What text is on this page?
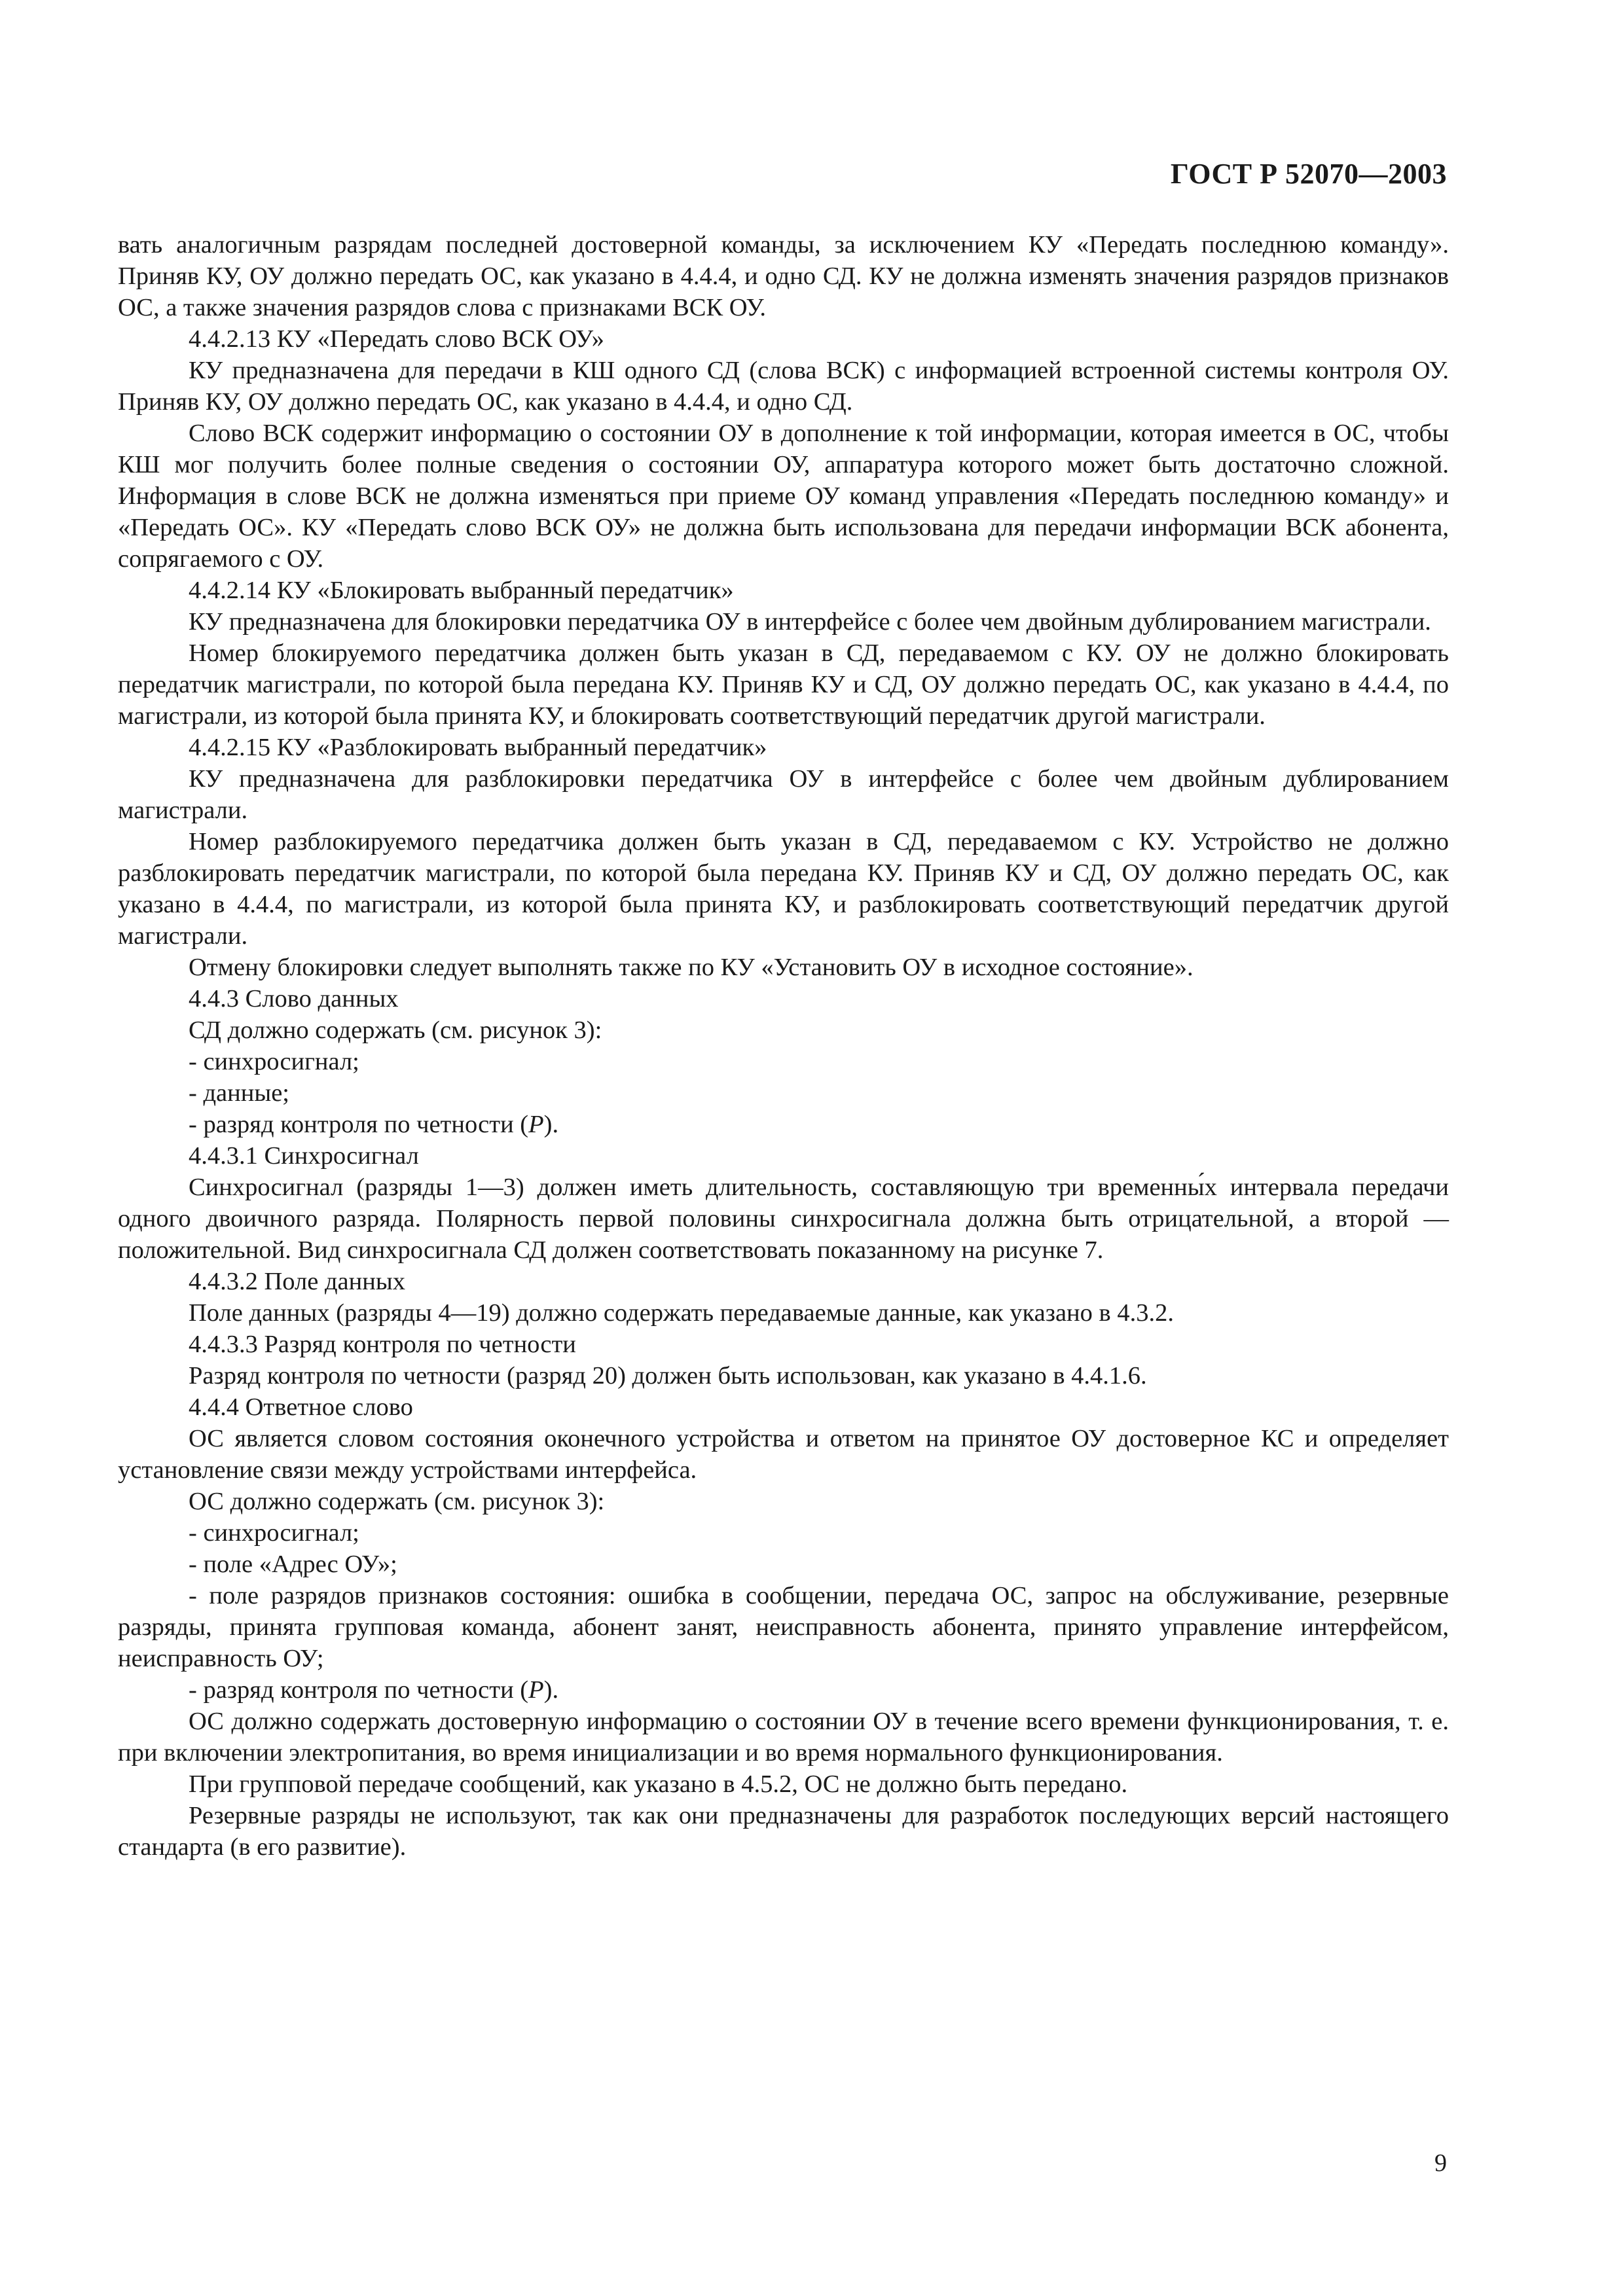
ГОСТ Р 52070—2003

вать аналогичным разрядам последней достоверной команды, за исключением КУ «Передать последнюю команду». Приняв КУ, ОУ должно передать ОС, как указано в 4.4.4, и одно СД. КУ не должна изменять значения разрядов признаков ОС, а также значения разрядов слова с признаками ВСК ОУ.

4.4.2.13 КУ «Передать слово ВСК ОУ»

КУ предназначена для передачи в КШ одного СД (слова ВСК) с информацией встроенной системы контроля ОУ. Приняв КУ, ОУ должно передать ОС, как указано в 4.4.4, и одно СД.

Слово ВСК содержит информацию о состоянии ОУ в дополнение к той информации, которая имеется в ОС, чтобы КШ мог получить более полные сведения о состоянии ОУ, аппаратура которого может быть достаточно сложной. Информация в слове ВСК не должна изменяться при приеме ОУ команд управления «Передать последнюю команду» и «Передать ОС». КУ «Передать слово ВСК ОУ» не должна быть использована для передачи информации ВСК абонента, сопрягаемого с ОУ.

4.4.2.14 КУ «Блокировать выбранный передатчик»

КУ предназначена для блокировки передатчика ОУ в интерфейсе с более чем двойным дублированием магистрали.

Номер блокируемого передатчика должен быть указан в СД, передаваемом с КУ. ОУ не должно блокировать передатчик магистрали, по которой была передана КУ. Приняв КУ и СД, ОУ должно передать ОС, как указано в 4.4.4, по магистрали, из которой была принята КУ, и блокировать соответствующий передатчик другой магистрали.

4.4.2.15 КУ «Разблокировать выбранный передатчик»

КУ предназначена для разблокировки передатчика ОУ в интерфейсе с более чем двойным дублированием магистрали.

Номер разблокируемого передатчика должен быть указан в СД, передаваемом с КУ. Устройство не должно разблокировать передатчик магистрали, по которой была передана КУ. Приняв КУ и СД, ОУ должно передать ОС, как указано в 4.4.4, по магистрали, из которой была принята КУ, и разблокировать соответствующий передатчик другой магистрали.

Отмену блокировки следует выполнять также по КУ «Установить ОУ в исходное состояние».

4.4.3 Слово данных

СД должно содержать (см. рисунок 3):

- синхросигнал;

- данные;

- разряд контроля по четности (P).

4.4.3.1 Синхросигнал

Синхросигнал (разряды 1—3) должен иметь длительность, составляющую три временны́х интервала передачи одного двоичного разряда. Полярность первой половины синхросигнала должна быть отрицательной, а второй — положительной. Вид синхросигнала СД должен соответствовать показанному на рисунке 7.

4.4.3.2 Поле данных

Поле данных (разряды 4—19) должно содержать передаваемые данные, как указано в 4.3.2.

4.4.3.3 Разряд контроля по четности

Разряд контроля по четности (разряд 20) должен быть использован, как указано в 4.4.1.6.

4.4.4 Ответное слово

ОС является словом состояния оконечного устройства и ответом на принятое ОУ достоверное КС и определяет установление связи между устройствами интерфейса.

ОС должно содержать (см. рисунок 3):

- синхросигнал;

- поле «Адрес ОУ»;

- поле разрядов признаков состояния: ошибка в сообщении, передача ОС, запрос на обслуживание, резервные разряды, принята групповая команда, абонент занят, неисправность абонента, принято управление интерфейсом, неисправность ОУ;

- разряд контроля по четности (P).

ОС должно содержать достоверную информацию о состоянии ОУ в течение всего времени функционирования, т. е. при включении электропитания, во время инициализации и во время нормального функционирования.

При групповой передаче сообщений, как указано в 4.5.2, ОС не должно быть передано.

Резервные разряды не используют, так как они предназначены для разработок последующих версий настоящего стандарта (в его развитие).

9
